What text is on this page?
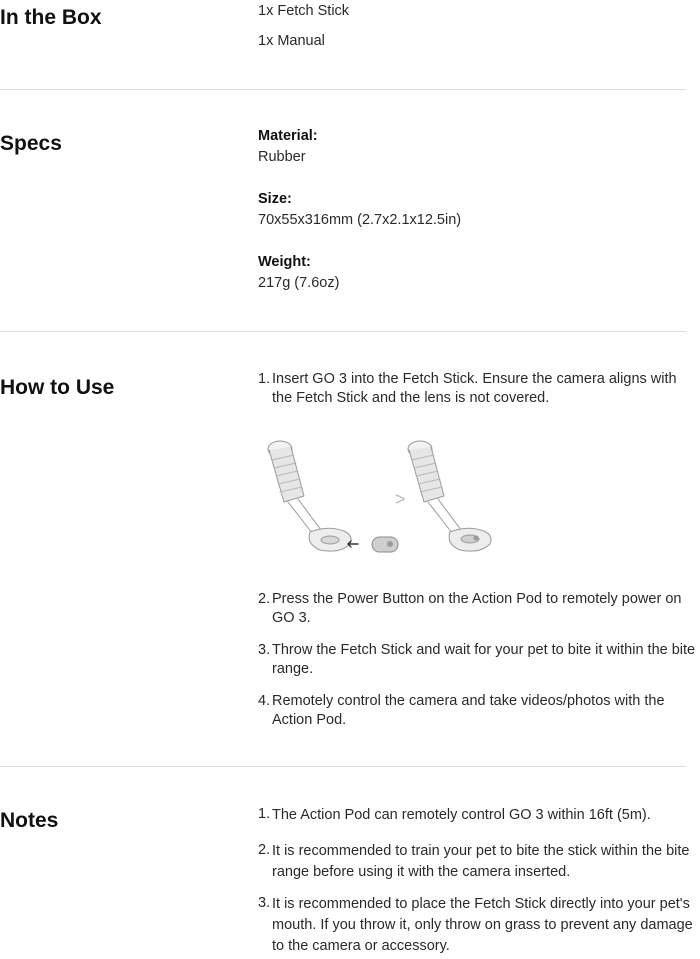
In the Box	1x Fetch Stick
1x Manual
Specs	Material:
Rubber
Size:
70x55x316mm (2.7x2.1x12.5in)
Weight:
217g (7.6oz)
How to Use	1. Insert GO 3 into the Fetch Stick. Ensure the camera aligns with the Fetch Stick and the lens is not covered.
>
2. Press the Power Button on the Action Pod to remotely power on GO 3.
3. Throw the Fetch Stick and wait for your pet to bite it within the bite range.
4. Remotely control the camera and take videos/photos with the Action Pod.
Notes	1. The Action Pod can remotely control GO 3 within 16ft (5m).
2. It is recommended to train your pet to bite the stick within the bite range before using it with the camera inserted.
3. It is recommended to place the Fetch Stick directly into your pet's mouth. If you throw it, only throw on grass to prevent any damage to the camera or accessory.
